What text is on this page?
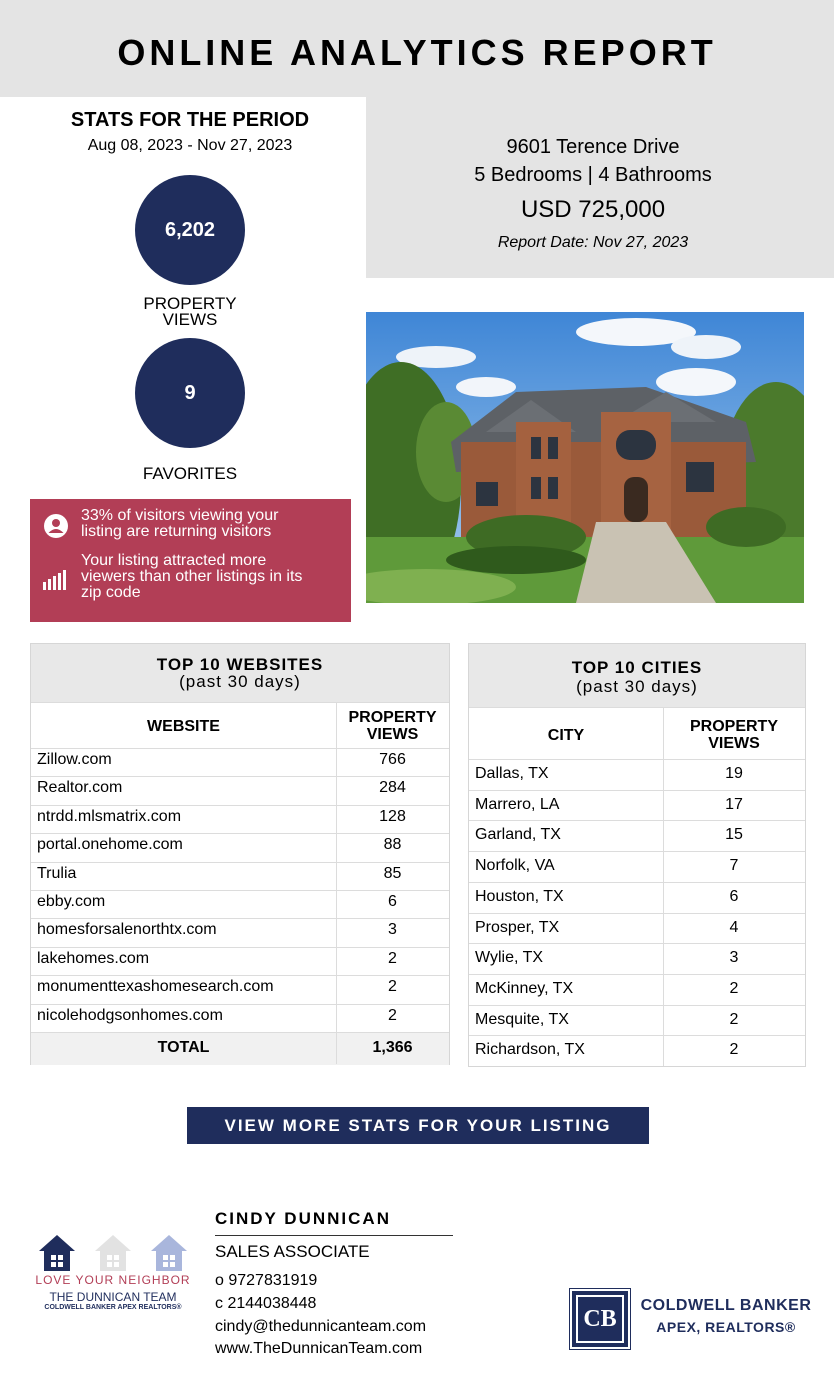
ONLINE ANALYTICS REPORT
9601 Terence Drive
5 Bedrooms | 4 Bathrooms
USD 725,000
Report Date: Nov 27, 2023
STATS FOR THE PERIOD
Aug 08, 2023 - Nov 27, 2023
6,202
PROPERTY
VIEWS
9
FAVORITES
33% of visitors viewing your
listing are returning visitors
Your listing attracted more
viewers than other listings in its
zip code
TOP 10 WEBSITES
(past 30 days)
WEBSITE
PROPERTY
VIEWS
Zillow.com	766
Realtor.com	284
ntrdd.mlsmatrix.com	128
portal.onehome.com	88
Trulia	85
ebby.com	6
homesforsalenorthtx.com	3
lakehomes.com	2
monumenttexashomesearch.com	2
nicolehodgsonhomes.com	2
TOTAL	1,366
TOP 10 CITIES
(past 30 days)
CITY
PROPERTY
VIEWS
Dallas, TX	19
Marrero, LA	17
Garland, TX	15
Norfolk, VA	7
Houston, TX	6
Prosper, TX	4
Wylie, TX	3
McKinney, TX	2
Mesquite, TX	2
Richardson, TX	2
VIEW MORE STATS FOR YOUR LISTING
LOVE YOUR NEIGHBOR
THE DUNNICAN TEAM
COLDWELL BANKER APEX REALTORS®
CINDY DUNNICAN
SALES ASSOCIATE
o 9727831919
c 2144038448
cindy@thedunnicanteam.com
www.TheDunnicanTeam.com
CB
COLDWELL BANKER
APEX, REALTORS®
